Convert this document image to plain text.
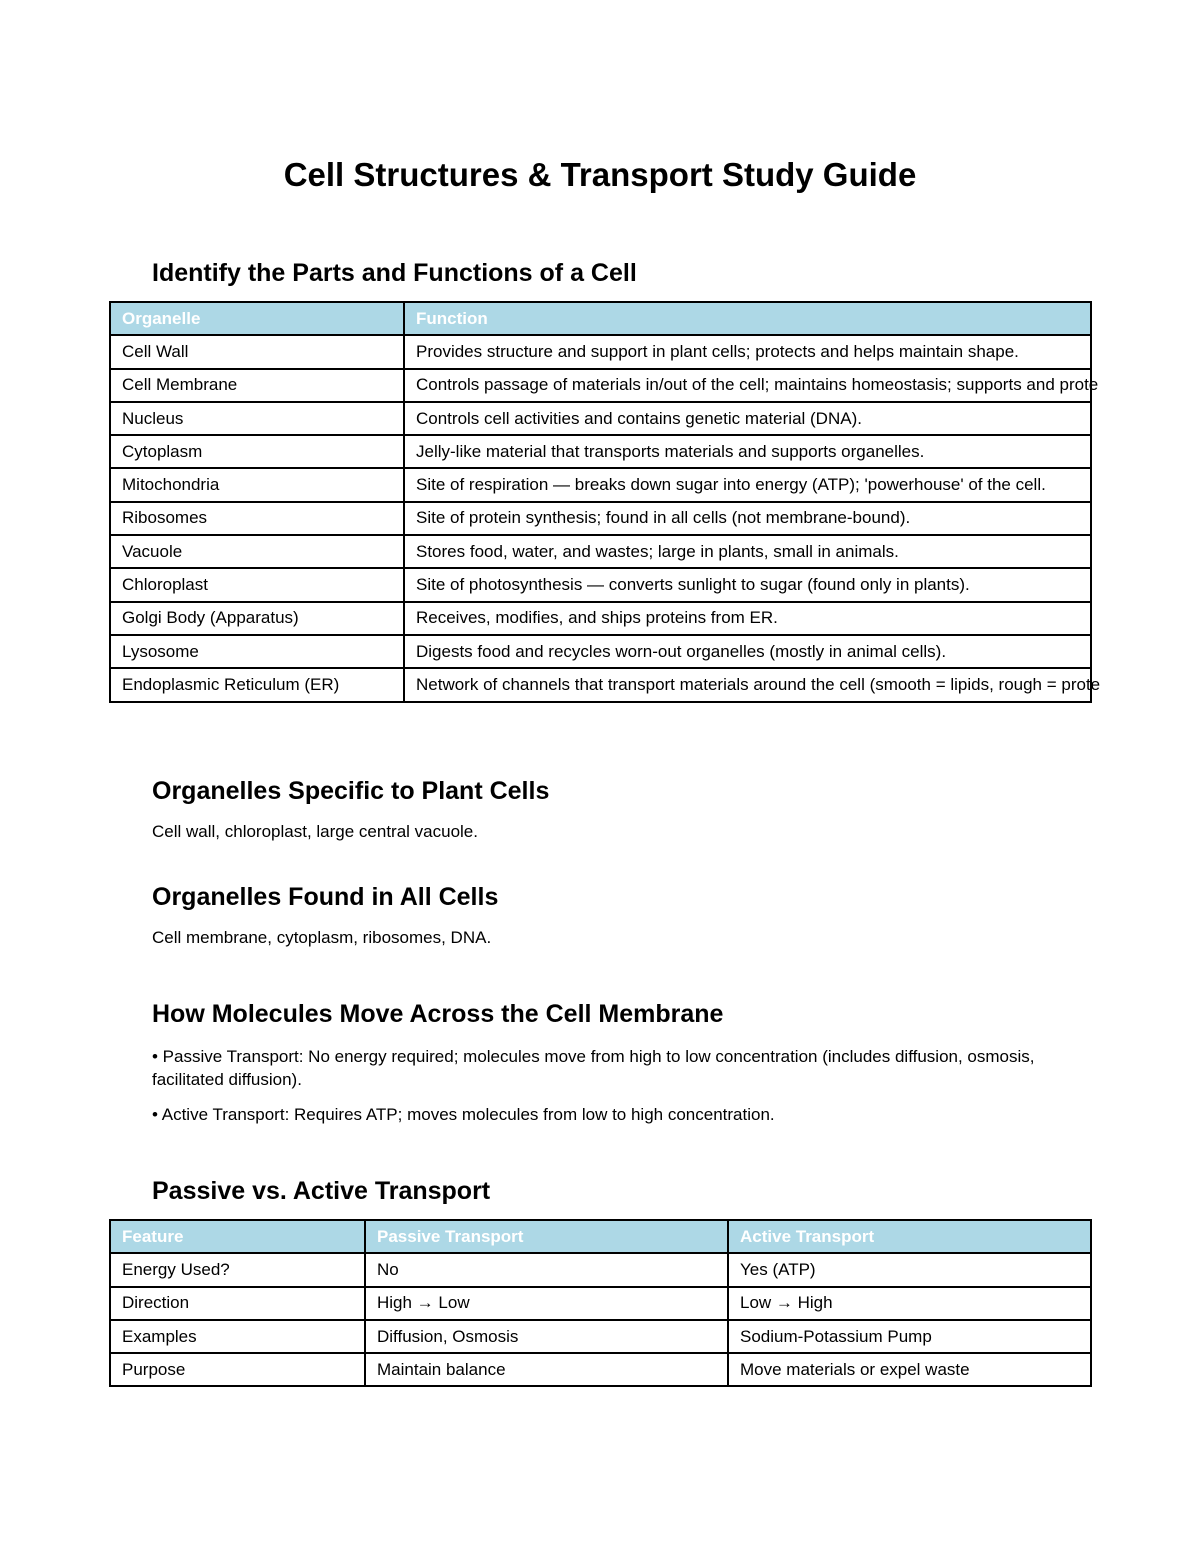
Cell Structures & Transport Study Guide
Identify the Parts and Functions of a Cell
Organelle	Function
Cell Wall	Provides structure and support in plant cells; protects and helps maintain shape.
Cell Membrane	Controls passage of materials in/out of the cell; maintains homeostasis; supports and prote
Nucleus	Controls cell activities and contains genetic material (DNA).
Cytoplasm	Jelly-like material that transports materials and supports organelles.
Mitochondria	Site of respiration — breaks down sugar into energy (ATP); 'powerhouse' of the cell.
Ribosomes	Site of protein synthesis; found in all cells (not membrane-bound).
Vacuole	Stores food, water, and wastes; large in plants, small in animals.
Chloroplast	Site of photosynthesis — converts sunlight to sugar (found only in plants).
Golgi Body (Apparatus)	Receives, modifies, and ships proteins from ER.
Lysosome	Digests food and recycles worn-out organelles (mostly in animal cells).
Endoplasmic Reticulum (ER)	Network of channels that transport materials around the cell (smooth = lipids, rough = prote
Organelles Specific to Plant Cells

Cell wall, chloroplast, large central vacuole.

Organelles Found in All Cells

Cell membrane, cytoplasm, ribosomes, DNA.

How Molecules Move Across the Cell Membrane

• Passive Transport: No energy required; molecules move from high to low concentration (includes diffusion, osmosis, facilitated diffusion).

• Active Transport: Requires ATP; moves molecules from low to high concentration.

Passive vs. Active Transport
Feature	Passive Transport	Active Transport
Energy Used?	No	Yes (ATP)
Direction	High → Low	Low → High
Examples	Diffusion, Osmosis	Sodium-Potassium Pump
Purpose	Maintain balance	Move materials or expel waste
